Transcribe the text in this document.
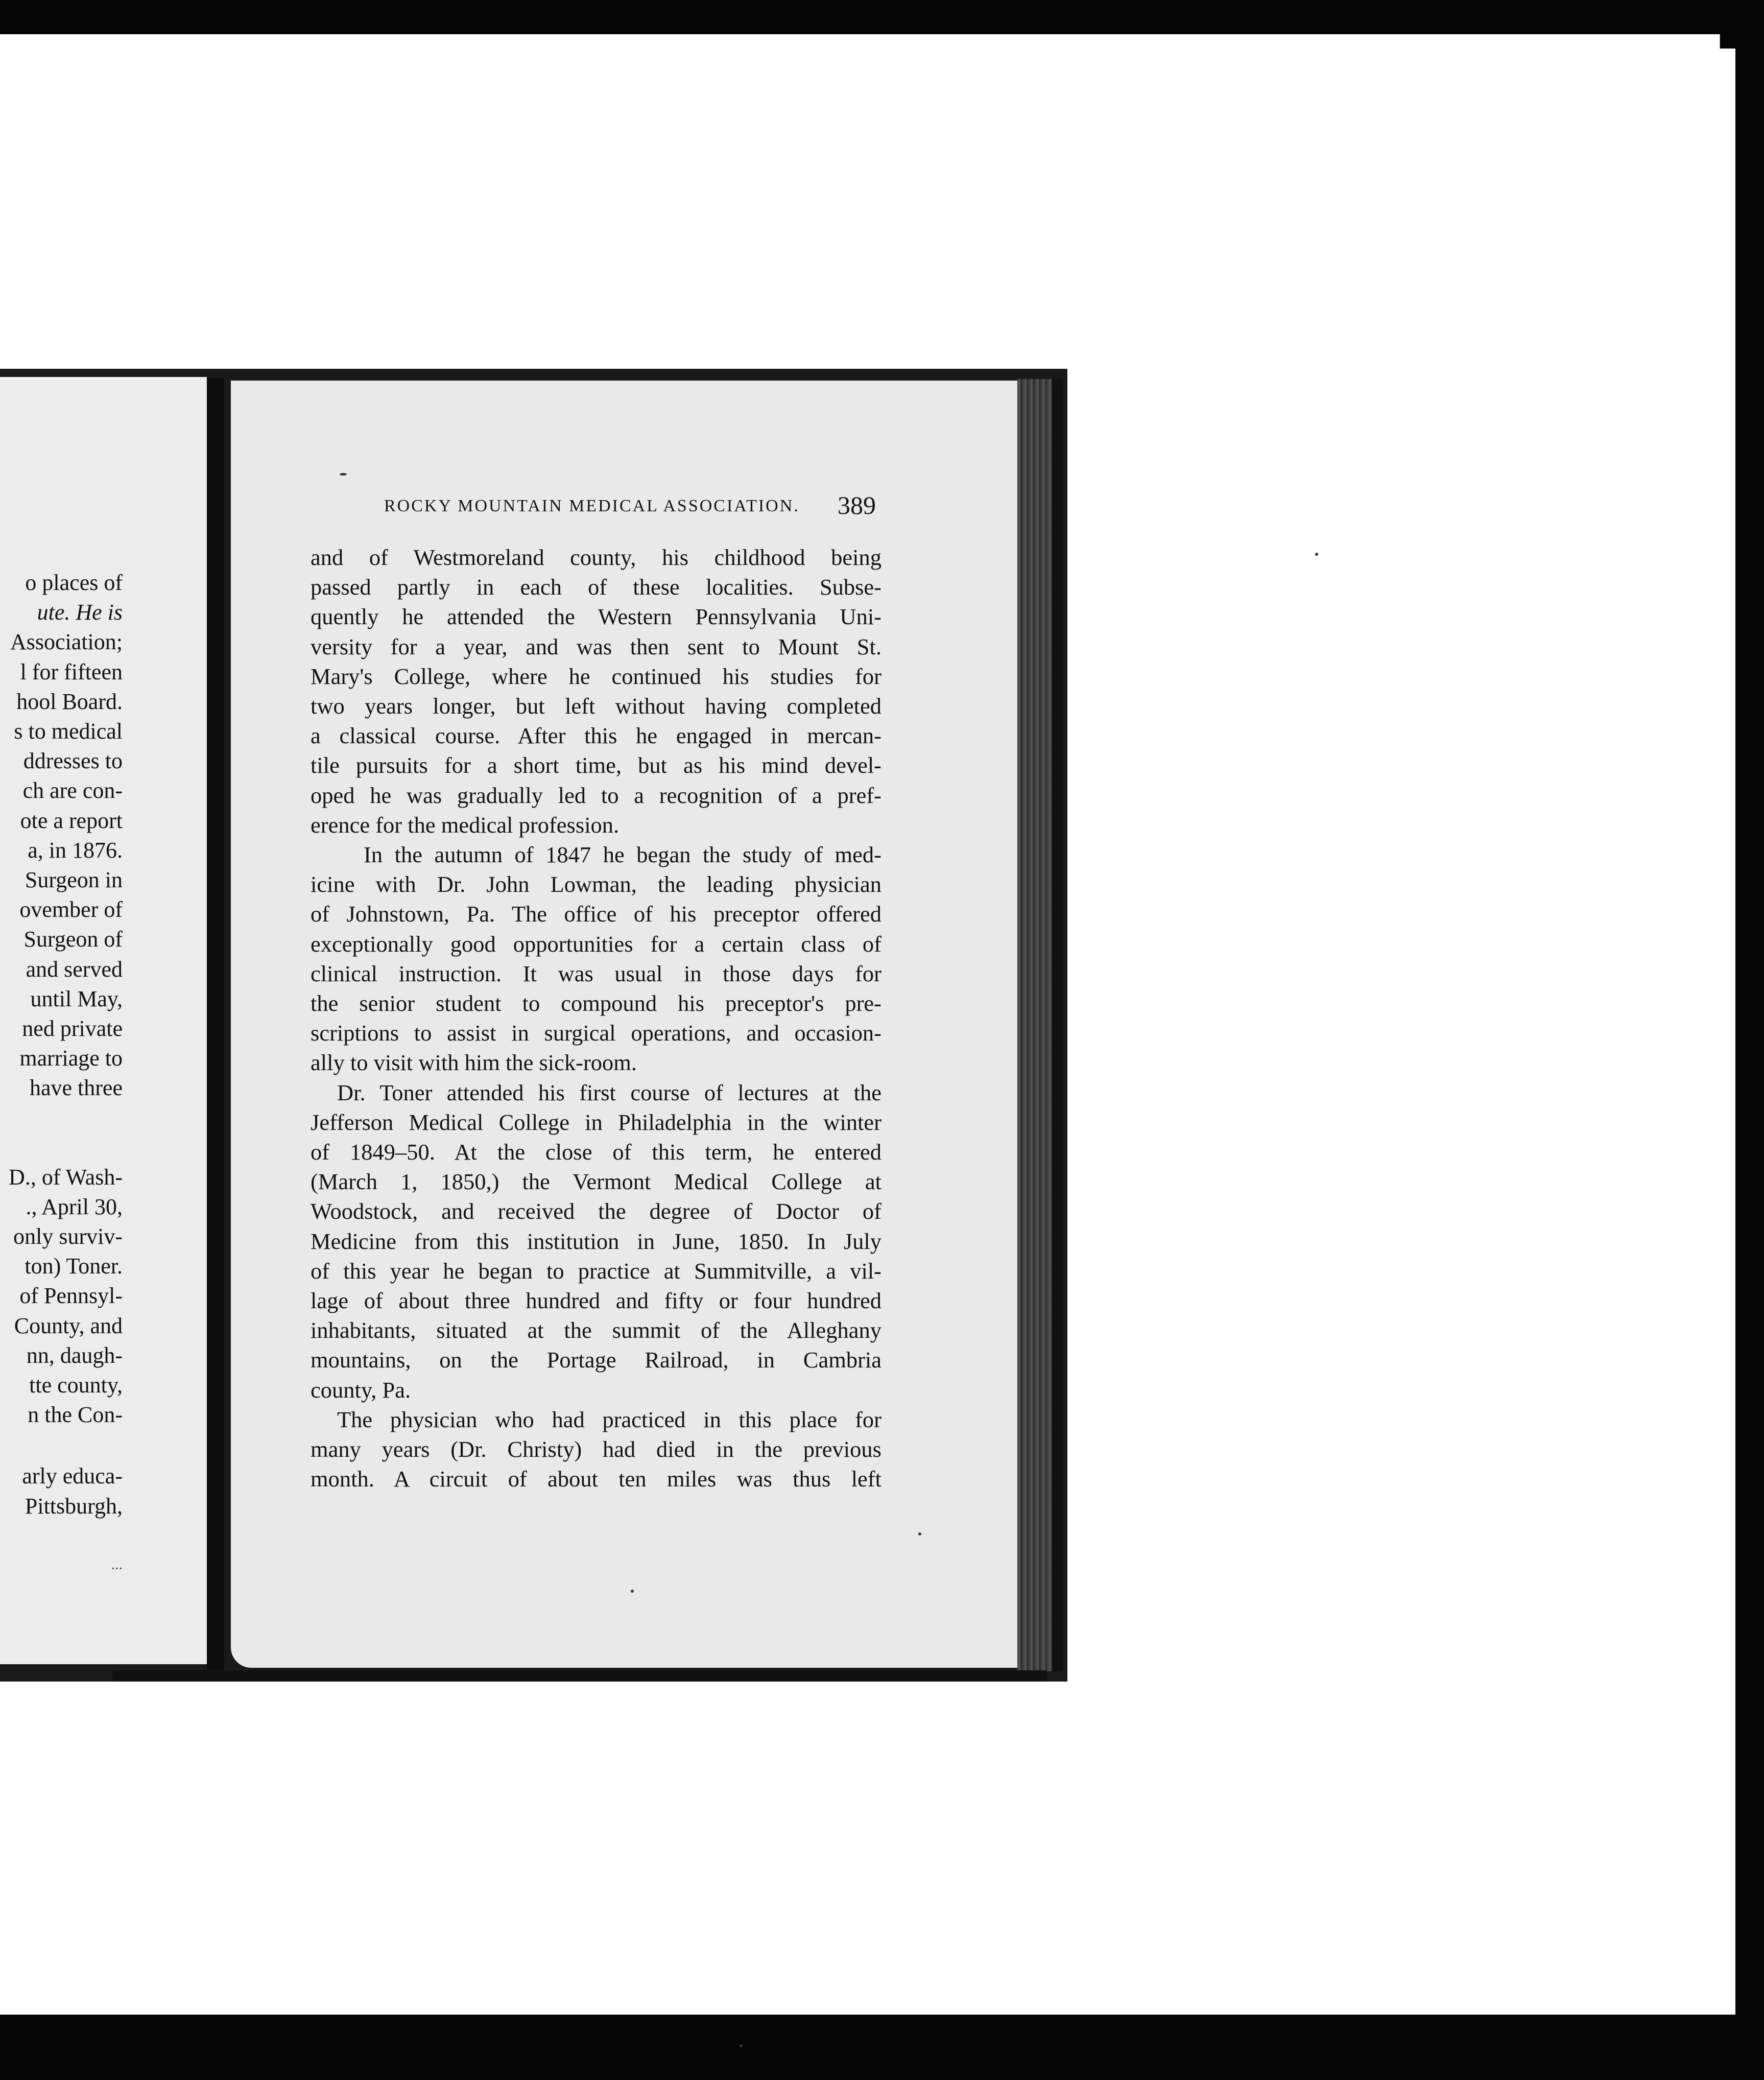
o places of
ute. He is
Association;
l for fifteen
hool Board.
s to medical
ddresses to
ch are con-
ote a report
a, in 1876.
Surgeon in
ovember of
Surgeon of
and served
until May,
ned private
marriage to
have three
D., of Wash-
., April 30,
only surviv-
ton) Toner.
of Pennsyl-
County, and
nn, daugh-
tte county,
n the Con-
arly educa-
Pittsburgh,
...
ROCKY MOUNTAIN MEDICAL ASSOCIATION.	389

and of Westmoreland county, his childhood being
passed partly in each of these localities. Subse-
quently he attended the Western Pennsylvania Uni-
versity for a year, and was then sent to Mount St.
Mary's College, where he continued his studies for
two years longer, but left without having completed
a classical course. After this he engaged in mercan-
tile pursuits for a short time, but as his mind devel-
oped he was gradually led to a recognition of a pref-
erence for the medical profession.

In the autumn of 1847 he began the study of med-
icine with Dr. John Lowman, the leading physician
of Johnstown, Pa. The office of his preceptor offered
exceptionally good opportunities for a certain class of
clinical instruction. It was usual in those days for
the senior student to compound his preceptor's pre-
scriptions to assist in surgical operations, and occasion-
ally to visit with him the sick-room.

Dr. Toner attended his first course of lectures at the
Jefferson Medical College in Philadelphia in the winter
of 1849–50. At the close of this term, he entered
(March 1, 1850,) the Vermont Medical College at
Woodstock, and received the degree of Doctor of
Medicine from this institution in June, 1850. In July
of this year he began to practice at Summitville, a vil-
lage of about three hundred and fifty or four hundred
inhabitants, situated at the summit of the Alleghany
mountains, on the Portage Railroad, in Cambria
county, Pa.

The physician who had practiced in this place for
many years (Dr. Christy) had died in the previous
month. A circuit of about ten miles was thus left
